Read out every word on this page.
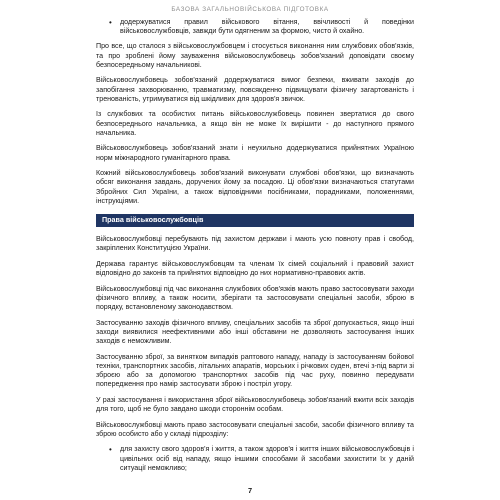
БАЗОВА ЗАГАЛЬНОВІЙСЬКОВА ПІДГОТОВКА
• додержуватися правил військового вітання, ввічливості й поведінки військовослужбовців, завжди бути одягненим за формою, чисто й охайно.

Про все, що сталося з військовослужбовцем і стосується виконання ним службових обов'язків, та про зроблені йому зауваження військовослужбовець зобов'язаний доповідати своєму безпосередньому начальникові.

Військовослужбовець зобов'язаний додержуватися вимог безпеки, вживати заходів до запобігання захворюванню, травматизму, повсякденно підвищувати фізичну загартованість і тренованість, утримуватися від шкідливих для здоров'я звичок.

Із службових та особистих питань військовослужбовець повинен звертатися до свого безпосереднього начальника, а якщо він не може їх вирішити - до наступного прямого начальника.

Військовослужбовець зобов'язаний знати і неухильно додержуватися прийнятних Україною норм міжнародного гуманітарного права.

Кожний військовослужбовець зобов'язаний виконувати службові обов'язки, що визначають обсяг виконання завдань, доручених йому за посадою. Ці обов'язки визначаються статутами Збройних Сил України, а також відповідними посібниками, порадниками, положеннями, інструкціями.

Права військовослужбовців

Військовослужбовці перебувають під захистом держави і мають усю повноту прав і свобод, закріплених Конституцією України.

Держава гарантує військовослужбовцям та членам їх сімей соціальний і правовий захист відповідно до законів та прийнятих відповідно до них нормативно-правових актів.

Військовослужбовці під час виконання службових обов'язків мають право застосовувати заходи фізичного впливу, а також носити, зберігати та застосовувати спеціальні засоби, зброю в порядку, встановленому законодавством.

Застосуванню заходів фізичного впливу, спеціальних засобів та зброї допускається, якщо інші заходи виявилися неефективними або інші обставини не дозволяють застосування інших заходів є неможливим.

Застосуванню зброї, за винятком випадків раптового нападу, нападу із застосуванням бойової техніки, транспортних засобів, літальних апаратів, морських і річкових суден, втечі з-під варти зі зброєю або за допомогою транспортних засобів під час руху, повинно передувати попередження про намір застосувати зброю і постріл угору.

У разі застосування і використання зброї військовослужбовець зобов'язаний вжити всіх заходів для того, щоб не було завдано шкоди стороннім особам.

Військовослужбовці мають право застосовувати спеціальні засоби, засоби фізичного впливу та зброю особисто або у складі підрозділу:

• для захисту свого здоров'я і життя, а також здоров'я і життя інших військовослужбовців і цивільних осіб від нападу, якщо іншими способами й засобами захистити їх у даній ситуації неможливо;
7
